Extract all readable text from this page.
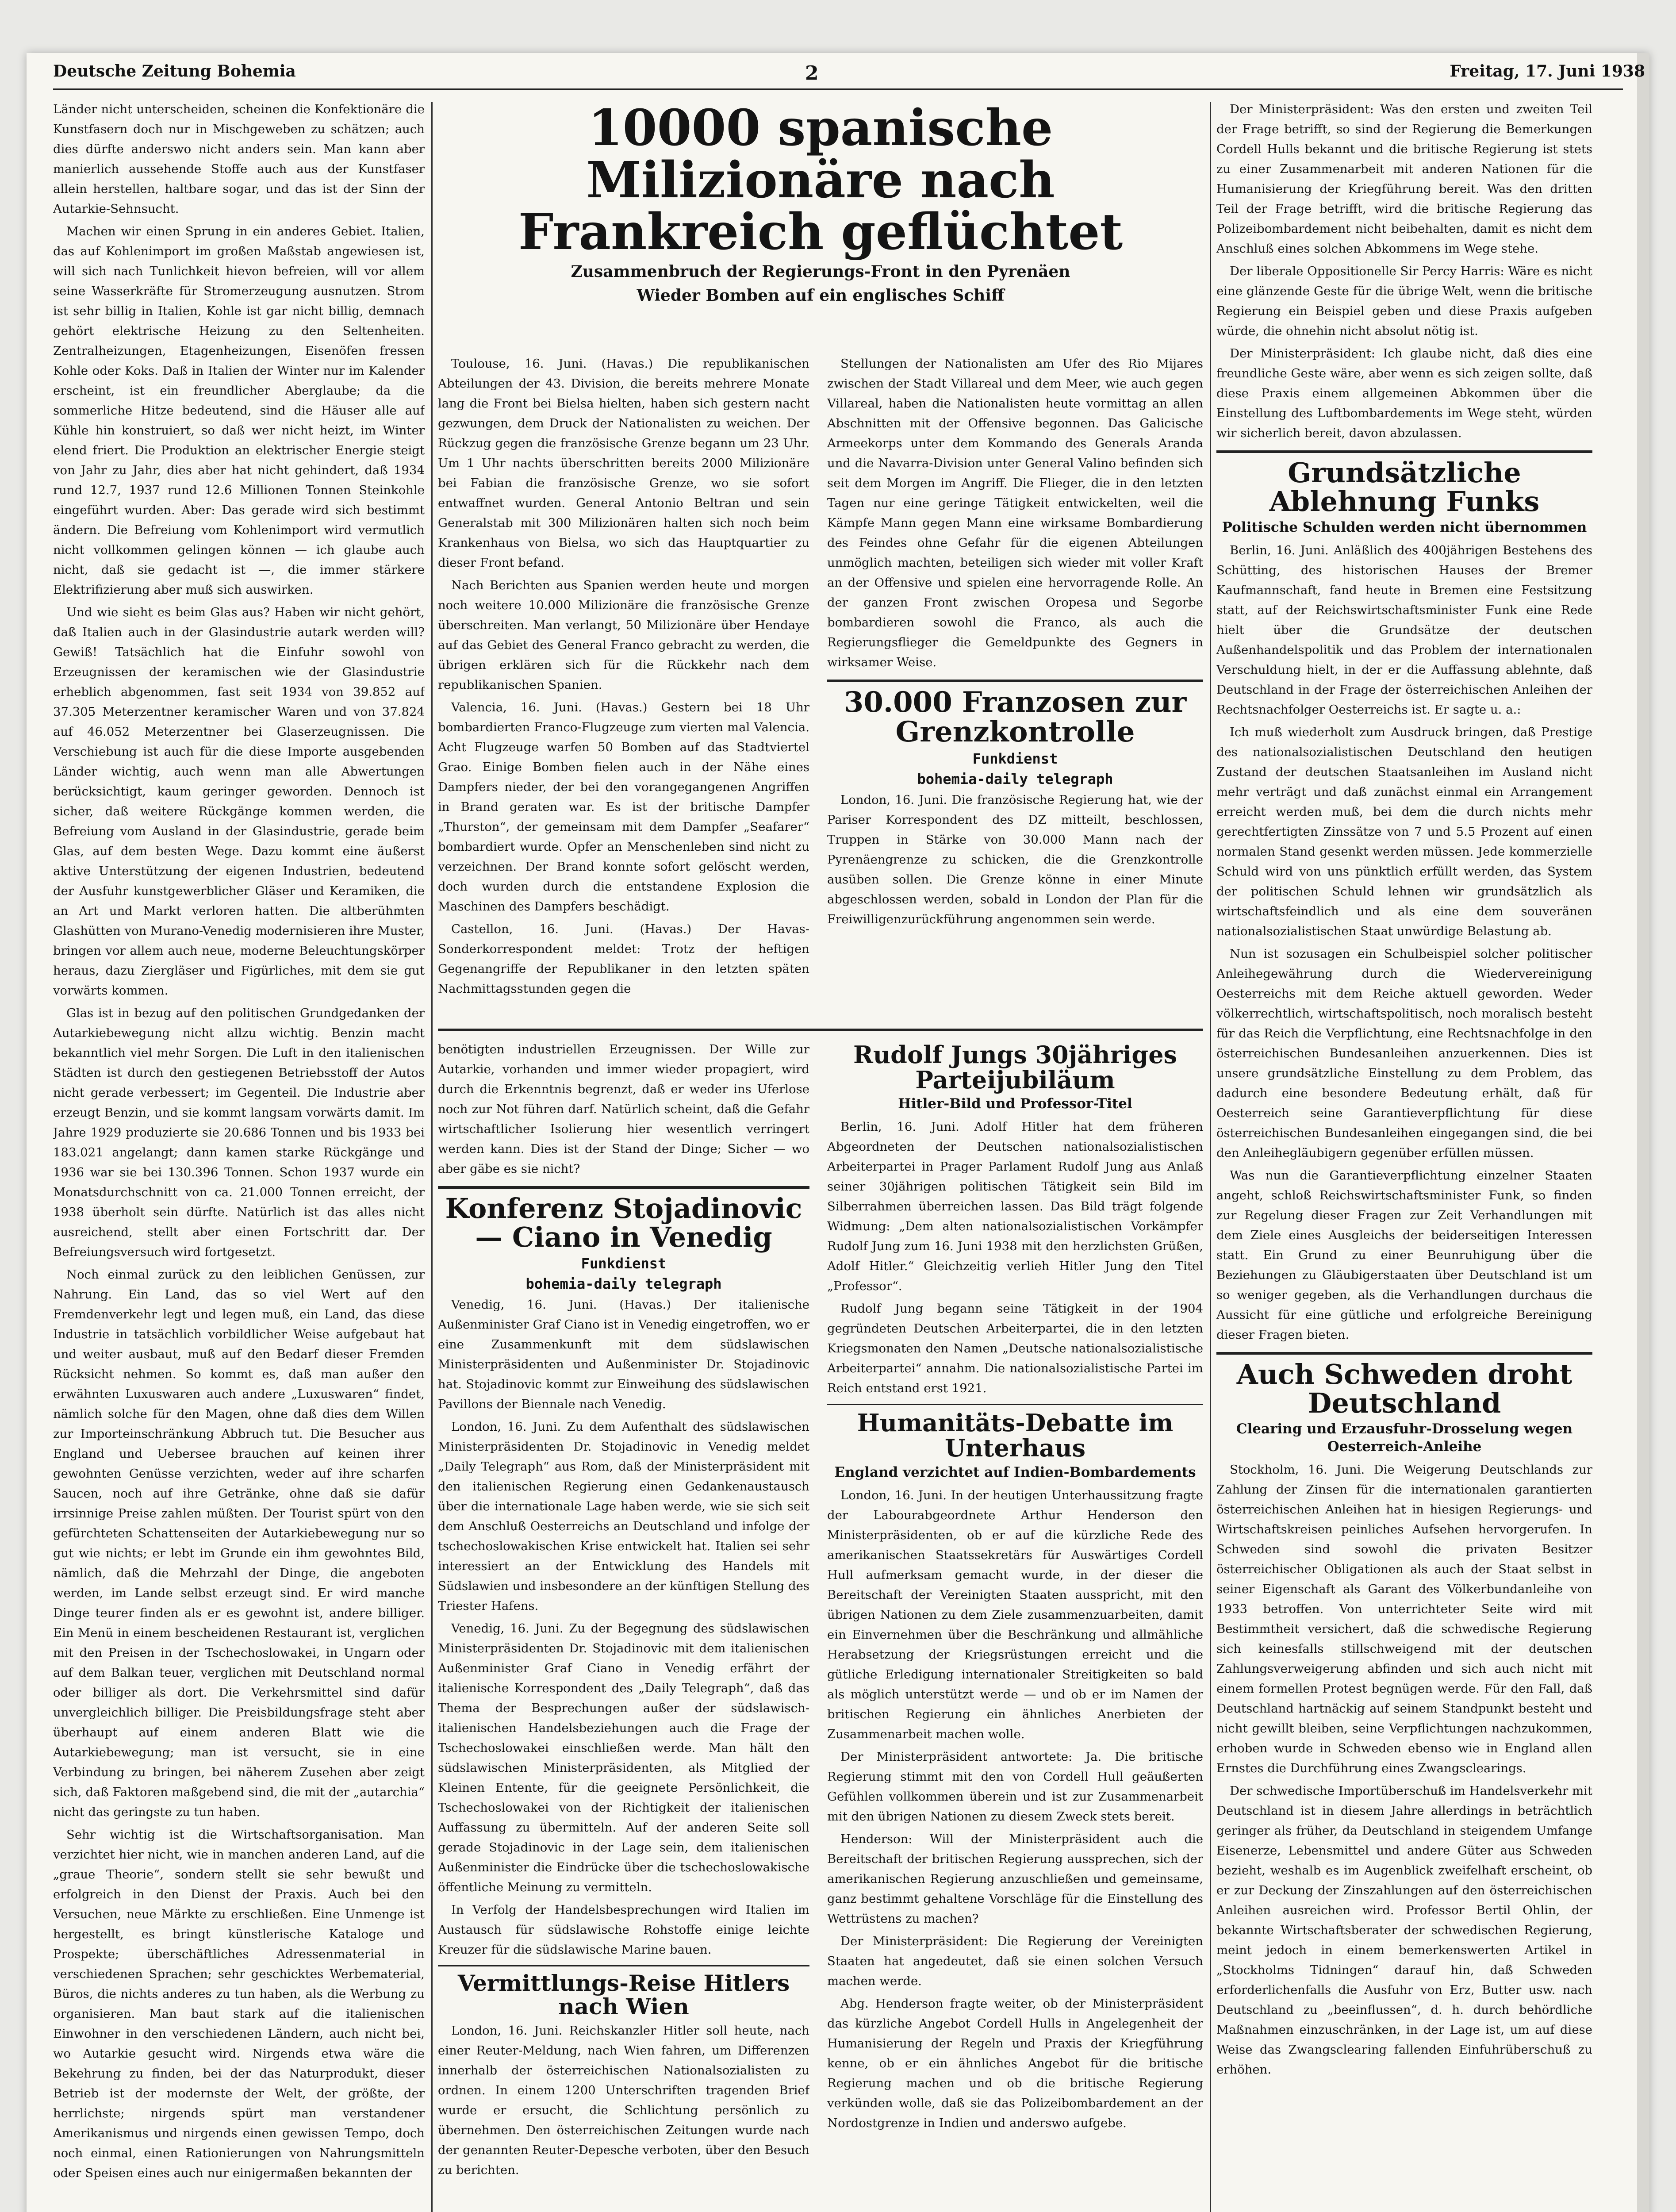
Deutsche Zeitung Bohemia	2	Freitag, 17. Juni 1938

Länder nicht unterscheiden, scheinen die Konfektionäre die Kunstfasern doch nur in Mischgeweben zu schätzen; auch dies dürfte anderswo nicht anders sein. Man kann aber manierlich aussehende Stoffe auch aus der Kunstfaser allein herstellen, haltbare sogar, und das ist der Sinn der Autarkie-Sehnsucht.

Machen wir einen Sprung in ein anderes Gebiet. Italien, das auf Kohlenimport im großen Maßstab angewiesen ist, will sich nach Tunlichkeit hievon befreien, will vor allem seine Wasserkräfte für Stromerzeugung ausnutzen. Strom ist sehr billig in Italien, Kohle ist gar nicht billig, demnach gehört elektrische Heizung zu den Seltenheiten. Zentralheizungen, Etagenheizungen, Eisenöfen fressen Kohle oder Koks. Daß in Italien der Winter nur im Kalender erscheint, ist ein freundlicher Aberglaube; da die sommerliche Hitze bedeutend, sind die Häuser alle auf Kühle hin konstruiert, so daß wer nicht heizt, im Winter elend friert. Die Produktion an elektrischer Energie steigt von Jahr zu Jahr, dies aber hat nicht gehindert, daß 1934 rund 12.7, 1937 rund 12.6 Millionen Tonnen Steinkohle eingeführt wurden. Aber: Das gerade wird sich bestimmt ändern. Die Befreiung vom Kohlenimport wird vermutlich nicht vollkommen gelingen können — ich glaube auch nicht, daß sie gedacht ist —, die immer stärkere Elektrifizierung aber muß sich auswirken.

Und wie sieht es beim Glas aus? Haben wir nicht gehört, daß Italien auch in der Glasindustrie autark werden will? Gewiß! Tatsächlich hat die Einfuhr sowohl von Erzeugnissen der keramischen wie der Glasindustrie erheblich abgenommen, fast seit 1934 von 39.852 auf 37.305 Meterzentner keramischer Waren und von 37.824 auf 46.052 Meterzentner bei Glaserzeugnissen. Die Verschiebung ist auch für die diese Importe ausgebenden Länder wichtig, auch wenn man alle Abwertungen berücksichtigt, kaum geringer geworden. Dennoch ist sicher, daß weitere Rückgänge kommen werden, die Befreiung vom Ausland in der Glasindustrie, gerade beim Glas, auf dem besten Wege. Dazu kommt eine äußerst aktive Unterstützung der eigenen Industrien, bedeutend der Ausfuhr kunstgewerblicher Gläser und Keramiken, die an Art und Markt verloren hatten. Die altberühmten Glashütten von Murano-Venedig modernisieren ihre Muster, bringen vor allem auch neue, moderne Beleuchtungskörper heraus, dazu Ziergläser und Figürliches, mit dem sie gut vorwärts kommen.

Glas ist in bezug auf den politischen Grundgedanken der Autarkiebewegung nicht allzu wichtig. Benzin macht bekanntlich viel mehr Sorgen. Die Luft in den italienischen Städten ist durch den gestiegenen Betriebsstoff der Autos nicht gerade verbessert; im Gegenteil. Die Industrie aber erzeugt Benzin, und sie kommt langsam vorwärts damit. Im Jahre 1929 produzierte sie 20.686 Tonnen und bis 1933 bei 183.021 angelangt; dann kamen starke Rückgänge und 1936 war sie bei 130.396 Tonnen. Schon 1937 wurde ein Monatsdurchschnitt von ca. 21.000 Tonnen erreicht, der 1938 überholt sein dürfte. Natürlich ist das alles nicht ausreichend, stellt aber einen Fortschritt dar. Der Befreiungsversuch wird fortgesetzt.

Noch einmal zurück zu den leiblichen Genüssen, zur Nahrung. Ein Land, das so viel Wert auf den Fremdenverkehr legt und legen muß, ein Land, das diese Industrie in tatsächlich vorbildlicher Weise aufgebaut hat und weiter ausbaut, muß auf den Bedarf dieser Fremden Rücksicht nehmen. So kommt es, daß man außer den erwähnten Luxuswaren auch andere „Luxuswaren“ findet, nämlich solche für den Magen, ohne daß dies dem Willen zur Importeinschränkung Abbruch tut. Die Besucher aus England und Uebersee brauchen auf keinen ihrer gewohnten Genüsse verzichten, weder auf ihre scharfen Saucen, noch auf ihre Getränke, ohne daß sie dafür irrsinnige Preise zahlen müßten. Der Tourist spürt von den gefürchteten Schattenseiten der Autarkiebewegung nur so gut wie nichts; er lebt im Grunde ein ihm gewohntes Bild, nämlich, daß die Mehrzahl der Dinge, die angeboten werden, im Lande selbst erzeugt sind. Er wird manche Dinge teurer finden als er es gewohnt ist, andere billiger. Ein Menü in einem bescheidenen Restaurant ist, verglichen mit den Preisen in der Tschechoslowakei, in Ungarn oder auf dem Balkan teuer, verglichen mit Deutschland normal oder billiger als dort. Die Verkehrsmittel sind dafür unvergleichlich billiger. Die Preisbildungsfrage steht aber überhaupt auf einem anderen Blatt wie die Autarkiebewegung; man ist versucht, sie in eine Verbindung zu bringen, bei näherem Zusehen aber zeigt sich, daß Faktoren maßgebend sind, die mit der „autarchia“ nicht das geringste zu tun haben.

Sehr wichtig ist die Wirtschaftsorganisation. Man verzichtet hier nicht, wie in manchen anderen Land, auf die „graue Theorie“, sondern stellt sie sehr bewußt und erfolgreich in den Dienst der Praxis. Auch bei den Versuchen, neue Märkte zu erschließen. Eine Unmenge ist hergestellt, es bringt künstlerische Kataloge und Prospekte; überschäftliches Adressenmaterial in verschiedenen Sprachen; sehr geschicktes Werbematerial, Büros, die nichts anderes zu tun haben, als die Werbung zu organisieren. Man baut stark auf die italienischen Einwohner in den verschiedenen Ländern, auch nicht bei, wo Autarkie gesucht wird. Nirgends etwa wäre die Bekehrung zu finden, bei der das Naturprodukt, dieser Betrieb ist der modernste der Welt, der größte, der herrlichste; nirgends spürt man verstandener Amerikanismus und nirgends einen gewissen Tempo, doch noch einmal, einen Rationierungen von Nahrungsmitteln oder Speisen eines auch nur einigermaßen bekannten der

10000 spanische Milizionäre nach Frankreich geflüchtet
Zusammenbruch der Regierungs-Front in den Pyrenäen
Wieder Bomben auf ein englisches Schiff

Toulouse, 16. Juni. (Havas.) Die republikanischen Abteilungen der 43. Division, die bereits mehrere Monate lang die Front bei Bielsa hielten, haben sich gestern nacht gezwungen, dem Druck der Nationalisten zu weichen. Der Rückzug gegen die französische Grenze begann um 23 Uhr. Um 1 Uhr nachts überschritten bereits 2000 Milizionäre bei Fabian die französische Grenze, wo sie sofort entwaffnet wurden. General Antonio Beltran und sein Generalstab mit 300 Milizionären halten sich noch beim Krankenhaus von Bielsa, wo sich das Hauptquartier zu dieser Front befand.

Nach Berichten aus Spanien werden heute und morgen noch weitere 10.000 Milizionäre die französische Grenze überschreiten. Man verlangt, 50 Milizionäre über Hendaye auf das Gebiet des General Franco gebracht zu werden, die übrigen erklären sich für die Rückkehr nach dem republikanischen Spanien.

Valencia, 16. Juni. (Havas.) Gestern bei 18 Uhr bombardierten Franco-Flugzeuge zum vierten mal Valencia. Acht Flugzeuge warfen 50 Bomben auf das Stadtviertel Grao. Einige Bomben fielen auch in der Nähe eines Dampfers nieder, der bei den vorangegangenen Angriffen in Brand geraten war. Es ist der britische Dampfer „Thurston“, der gemeinsam mit dem Dampfer „Seafarer“ bombardiert wurde. Opfer an Menschenleben sind nicht zu verzeichnen. Der Brand konnte sofort gelöscht werden, doch wurden durch die entstandene Explosion die Maschinen des Dampfers beschädigt.

Castellon, 16. Juni. (Havas.) Der Havas-Sonderkorrespondent meldet: Trotz der heftigen Gegenangriffe der Republikaner in den letzten späten Nachmittagsstunden gegen die

Stellungen der Nationalisten am Ufer des Rio Mijares zwischen der Stadt Villareal und dem Meer, wie auch gegen Villareal, haben die Nationalisten heute vormittag an allen Abschnitten mit der Offensive begonnen. Das Galicische Armeekorps unter dem Kommando des Generals Aranda und die Navarra-Division unter General Valino befinden sich seit dem Morgen im Angriff. Die Flieger, die in den letzten Tagen nur eine geringe Tätigkeit entwickelten, weil die Kämpfe Mann gegen Mann eine wirksame Bombardierung des Feindes ohne Gefahr für die eigenen Abteilungen unmöglich machten, beteiligen sich wieder mit voller Kraft an der Offensive und spielen eine hervorragende Rolle. An der ganzen Front zwischen Oropesa und Segorbe bombardieren sowohl die Franco, als auch die Regierungsflieger die Gemeldpunkte des Gegners in wirksamer Weise.

30.000 Franzosen zur Grenzkontrolle
Funkdienst
bohemia-daily telegraph

London, 16. Juni. Die französische Regierung hat, wie der Pariser Korrespondent des DZ mitteilt, beschlossen, Truppen in Stärke von 30.000 Mann nach der Pyrenäengrenze zu schicken, die die Grenzkontrolle ausüben sollen. Die Grenze könne in einer Minute abgeschlossen werden, sobald in London der Plan für die Freiwilligenzurückführung angenommen sein werde.

benötigten industriellen Erzeugnissen. Der Wille zur Autarkie, vorhanden und immer wieder propagiert, wird durch die Erkenntnis begrenzt, daß er weder ins Uferlose noch zur Not führen darf. Natürlich scheint, daß die Gefahr wirtschaftlicher Isolierung hier wesentlich verringert werden kann. Dies ist der Stand der Dinge; Sicher — wo aber gäbe es sie nicht?

Konferenz Stojadinovic — Ciano in Venedig
Funkdienst
bohemia-daily telegraph

Venedig, 16. Juni. (Havas.) Der italienische Außenminister Graf Ciano ist in Venedig eingetroffen, wo er eine Zusammenkunft mit dem südslawischen Ministerpräsidenten und Außenminister Dr. Stojadinovic hat. Stojadinovic kommt zur Einweihung des südslawischen Pavillons der Biennale nach Venedig.

London, 16. Juni. Zu dem Aufenthalt des südslawischen Ministerpräsidenten Dr. Stojadinovic in Venedig meldet „Daily Telegraph“ aus Rom, daß der Ministerpräsident mit den italienischen Regierung einen Gedankenaustausch über die internationale Lage haben werde, wie sie sich seit dem Anschluß Oesterreichs an Deutschland und infolge der tschechoslowakischen Krise entwickelt hat. Italien sei sehr interessiert an der Entwicklung des Handels mit Südslawien und insbesondere an der künftigen Stellung des Triester Hafens.

Venedig, 16. Juni. Zu der Begegnung des südslawischen Ministerpräsidenten Dr. Stojadinovic mit dem italienischen Außenminister Graf Ciano in Venedig erfährt der italienische Korrespondent des „Daily Telegraph“, daß das Thema der Besprechungen außer der südslawisch-italienischen Handelsbeziehungen auch die Frage der Tschechoslowakei einschließen werde. Man hält den südslawischen Ministerpräsidenten, als Mitglied der Kleinen Entente, für die geeignete Persönlichkeit, die Tschechoslowakei von der Richtigkeit der italienischen Auffassung zu übermitteln. Auf der anderen Seite soll gerade Stojadinovic in der Lage sein, dem italienischen Außenminister die Eindrücke über die tschechoslowakische öffentliche Meinung zu vermitteln.

In Verfolg der Handelsbesprechungen wird Italien im Austausch für südslawische Rohstoffe einige leichte Kreuzer für die südslawische Marine bauen.

Vermittlungs-Reise Hitlers nach Wien

London, 16. Juni. Reichskanzler Hitler soll heute, nach einer Reuter-Meldung, nach Wien fahren, um Differenzen innerhalb der österreichischen Nationalsozialisten zu ordnen. In einem 1200 Unterschriften tragenden Brief wurde er ersucht, die Schlichtung persönlich zu übernehmen. Den österreichischen Zeitungen wurde nach der genannten Reuter-Depesche verboten, über den Besuch zu berichten.

Rudolf Jungs 30jähriges Parteijubiläum
Hitler-Bild und Professor-Titel

Berlin, 16. Juni. Adolf Hitler hat dem früheren Abgeordneten der Deutschen nationalsozialistischen Arbeiterpartei in Prager Parlament Rudolf Jung aus Anlaß seiner 30jährigen politischen Tätigkeit sein Bild im Silberrahmen überreichen lassen. Das Bild trägt folgende Widmung: „Dem alten nationalsozialistischen Vorkämpfer Rudolf Jung zum 16. Juni 1938 mit den herzlichsten Grüßen, Adolf Hitler.“ Gleichzeitig verlieh Hitler Jung den Titel „Professor“.

Rudolf Jung begann seine Tätigkeit in der 1904 gegründeten Deutschen Arbeiterpartei, die in den letzten Kriegsmonaten den Namen „Deutsche nationalsozialistische Arbeiterpartei“ annahm. Die nationalsozialistische Partei im Reich entstand erst 1921.

Humanitäts-Debatte im Unterhaus
England verzichtet auf Indien-Bombardements

London, 16. Juni. In der heutigen Unterhaussitzung fragte der Labourabgeordnete Arthur Henderson den Ministerpräsidenten, ob er auf die kürzliche Rede des amerikanischen Staatssekretärs für Auswärtiges Cordell Hull aufmerksam gemacht wurde, in der dieser die Bereitschaft der Vereinigten Staaten ausspricht, mit den übrigen Nationen zu dem Ziele zusammenzuarbeiten, damit ein Einvernehmen über die Beschränkung und allmähliche Herabsetzung der Kriegsrüstungen erreicht und die gütliche Erledigung internationaler Streitigkeiten so bald als möglich unterstützt werde — und ob er im Namen der britischen Regierung ein ähnliches Anerbieten der Zusammenarbeit machen wolle.

Der Ministerpräsident antwortete: Ja. Die britische Regierung stimmt mit den von Cordell Hull geäußerten Gefühlen vollkommen überein und ist zur Zusammenarbeit mit den übrigen Nationen zu diesem Zweck stets bereit.

Henderson: Will der Ministerpräsident auch die Bereitschaft der britischen Regierung aussprechen, sich der amerikanischen Regierung anzuschließen und gemeinsame, ganz bestimmt gehaltene Vorschläge für die Einstellung des Wettrüstens zu machen?

Der Ministerpräsident: Die Regierung der Vereinigten Staaten hat angedeutet, daß sie einen solchen Versuch machen werde.

Abg. Henderson fragte weiter, ob der Ministerpräsident das kürzliche Angebot Cordell Hulls in Angelegenheit der Humanisierung der Regeln und Praxis der Kriegführung kenne, ob er ein ähnliches Angebot für die britische Regierung machen und ob die britische Regierung verkünden wolle, daß sie das Polizeibombardement an der Nordostgrenze in Indien und anderswo aufgebe.

Der Ministerpräsident: Was den ersten und zweiten Teil der Frage betrifft, so sind der Regierung die Bemerkungen Cordell Hulls bekannt und die britische Regierung ist stets zu einer Zusammenarbeit mit anderen Nationen für die Humanisierung der Kriegführung bereit. Was den dritten Teil der Frage betrifft, wird die britische Regierung das Polizeibombardement nicht beibehalten, damit es nicht dem Anschluß eines solchen Abkommens im Wege stehe.

Der liberale Oppositionelle Sir Percy Harris: Wäre es nicht eine glänzende Geste für die übrige Welt, wenn die britische Regierung ein Beispiel geben und diese Praxis aufgeben würde, die ohnehin nicht absolut nötig ist.

Der Ministerpräsident: Ich glaube nicht, daß dies eine freundliche Geste wäre, aber wenn es sich zeigen sollte, daß diese Praxis einem allgemeinen Abkommen über die Einstellung des Luftbombardements im Wege steht, würden wir sicherlich bereit, davon abzulassen.

Grundsätzliche Ablehnung Funks
Politische Schulden werden nicht übernommen

Berlin, 16. Juni. Anläßlich des 400jährigen Bestehens des Schütting, des historischen Hauses der Bremer Kaufmannschaft, fand heute in Bremen eine Festsitzung statt, auf der Reichswirtschaftsminister Funk eine Rede hielt über die Grundsätze der deutschen Außenhandelspolitik und das Problem der internationalen Verschuldung hielt, in der er die Auffassung ablehnte, daß Deutschland in der Frage der österreichischen Anleihen der Rechtsnachfolger Oesterreichs ist. Er sagte u. a.:

Ich muß wiederholt zum Ausdruck bringen, daß Prestige des nationalsozialistischen Deutschland den heutigen Zustand der deutschen Staatsanleihen im Ausland nicht mehr verträgt und daß zunächst einmal ein Arrangement erreicht werden muß, bei dem die durch nichts mehr gerechtfertigten Zinssätze von 7 und 5.5 Prozent auf einen normalen Stand gesenkt werden müssen. Jede kommerzielle Schuld wird von uns pünktlich erfüllt werden, das System der politischen Schuld lehnen wir grundsätzlich als wirtschaftsfeindlich und als eine dem souveränen nationalsozialistischen Staat unwürdige Belastung ab.

Nun ist sozusagen ein Schulbeispiel solcher politischer Anleihegewährung durch die Wiedervereinigung Oesterreichs mit dem Reiche aktuell geworden. Weder völkerrechtlich, wirtschaftspolitisch, noch moralisch besteht für das Reich die Verpflichtung, eine Rechtsnachfolge in den österreichischen Bundesanleihen anzuerkennen. Dies ist unsere grundsätzliche Einstellung zu dem Problem, das dadurch eine besondere Bedeutung erhält, daß für Oesterreich seine Garantieverpflichtung für diese österreichischen Bundesanleihen eingegangen sind, die bei den Anleihegläubigern gegenüber erfüllen müssen.

Was nun die Garantieverpflichtung einzelner Staaten angeht, schloß Reichswirtschaftsminister Funk, so finden zur Regelung dieser Fragen zur Zeit Verhandlungen mit dem Ziele eines Ausgleichs der beiderseitigen Interessen statt. Ein Grund zu einer Beunruhigung über die Beziehungen zu Gläubigerstaaten über Deutschland ist um so weniger gegeben, als die Verhandlungen durchaus die Aussicht für eine gütliche und erfolgreiche Bereinigung dieser Fragen bieten.

Auch Schweden droht Deutschland
Clearing und Erzausfuhr-Drosselung wegen Oesterreich-Anleihe

Stockholm, 16. Juni. Die Weigerung Deutschlands zur Zahlung der Zinsen für die internationalen garantierten österreichischen Anleihen hat in hiesigen Regierungs- und Wirtschaftskreisen peinliches Aufsehen hervorgerufen. In Schweden sind sowohl die privaten Besitzer österreichischer Obligationen als auch der Staat selbst in seiner Eigenschaft als Garant des Völkerbundanleihe von 1933 betroffen. Von unterrichteter Seite wird mit Bestimmtheit versichert, daß die schwedische Regierung sich keinesfalls stillschweigend mit der deutschen Zahlungsverweigerung abfinden und sich auch nicht mit einem formellen Protest begnügen werde. Für den Fall, daß Deutschland hartnäckig auf seinem Standpunkt besteht und nicht gewillt bleiben, seine Verpflichtungen nachzukommen, erhoben wurde in Schweden ebenso wie in England allen Ernstes die Durchführung eines Zwangsclearings.

Der schwedische Importüberschuß im Handelsverkehr mit Deutschland ist in diesem Jahre allerdings in beträchtlich geringer als früher, da Deutschland in steigendem Umfange Eisenerze, Lebensmittel und andere Güter aus Schweden bezieht, weshalb es im Augenblick zweifelhaft erscheint, ob er zur Deckung der Zinszahlungen auf den österreichischen Anleihen ausreichen wird. Professor Bertil Ohlin, der bekannte Wirtschaftsberater der schwedischen Regierung, meint jedoch in einem bemerkenswerten Artikel in „Stockholms Tidningen“ darauf hin, daß Schweden erforderlichenfalls die Ausfuhr von Erz, Butter usw. nach Deutschland zu „beeinflussen“, d. h. durch behördliche Maßnahmen einzuschränken, in der Lage ist, um auf diese Weise das Zwangsclearing fallenden Einfuhrüberschuß zu erhöhen.
